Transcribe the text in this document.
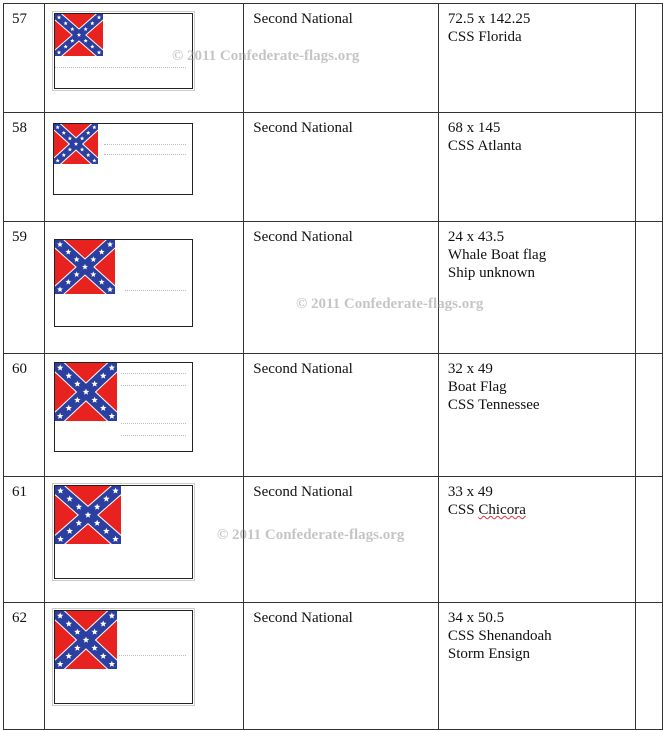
57		Second National	72.5 x 142.25
CSS Florida	

58		Second National	68 x 145
CSS Atlanta	

59		Second National	24 x 43.5
Whale Boat flag
Ship unknown	

60		Second National	32 x 49
Boat Flag
CSS Tennessee	

61		Second National	33 x 49
CSS Chicora	

62		Second National	34 x 50.5
CSS Shenandoah
Storm Ensign	

© 2011 Confederate-flags.org
© 2011 Confederate-flags.org
© 2011 Confederate-flags.org
